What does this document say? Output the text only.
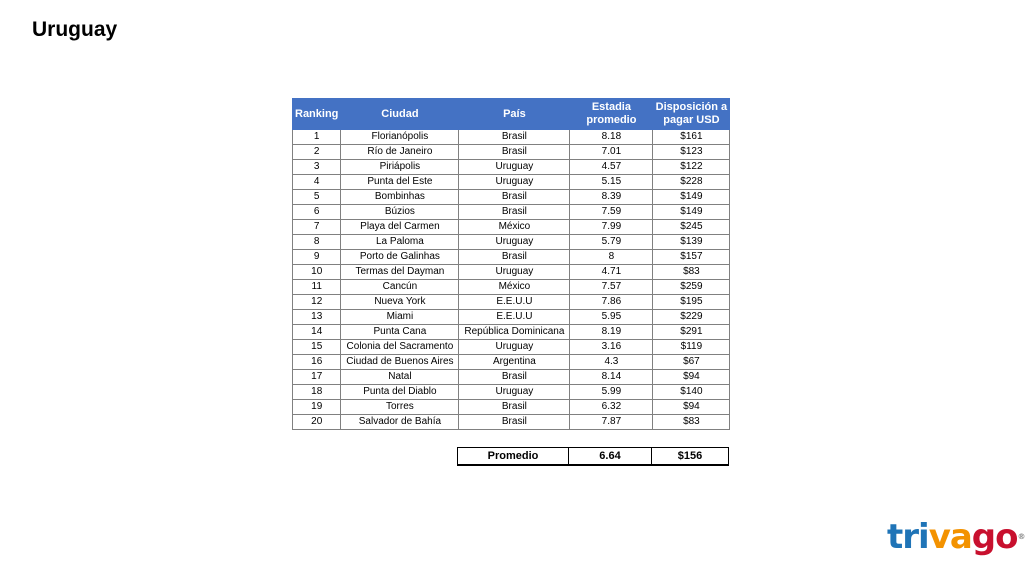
Uruguay
Ranking	Ciudad	País	Estadia promedio	Disposición a pagar USD
1	Florianópolis	Brasil	8.18	$161
2	Río de Janeiro	Brasil	7.01	$123
3	Piriápolis	Uruguay	4.57	$122
4	Punta del Este	Uruguay	5.15	$228
5	Bombinhas	Brasil	8.39	$149
6	Búzios	Brasil	7.59	$149
7	Playa del Carmen	México	7.99	$245
8	La Paloma	Uruguay	5.79	$139
9	Porto de Galinhas	Brasil	8	$157
10	Termas del Dayman	Uruguay	4.71	$83
11	Cancún	México	7.57	$259
12	Nueva York	E.E.U.U	7.86	$195
13	Miami	E.E.U.U	5.95	$229
14	Punta Cana	República Dominicana	8.19	$291
15	Colonia del Sacramento	Uruguay	3.16	$119
16	Ciudad de Buenos Aires	Argentina	4.3	$67
17	Natal	Brasil	8.14	$94
18	Punta del Diablo	Uruguay	5.99	$140
19	Torres	Brasil	6.32	$94
20	Salvador de Bahía	Brasil	7.87	$83
Promedio	6.64	$156
trivago®
